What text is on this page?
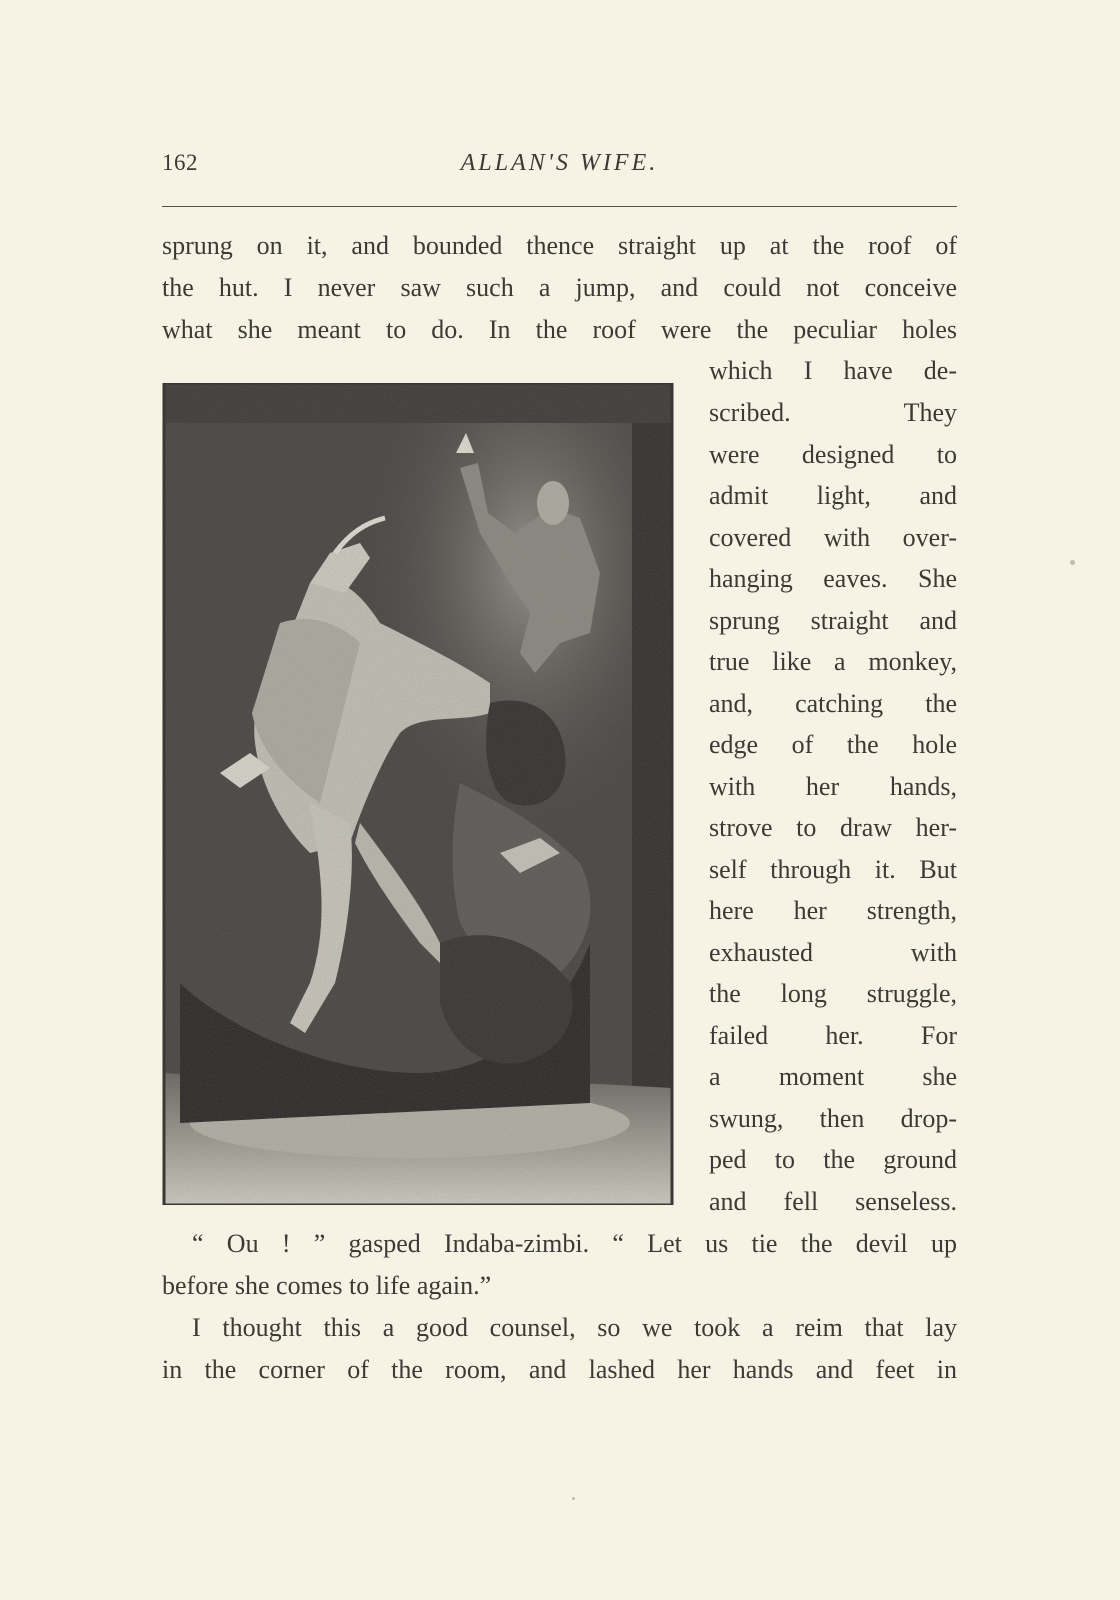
162	ALLAN'S WIFE.
sprung on it, and bounded thence straight up at the roof of
the hut. I never saw such a jump, and could not conceive
what she meant to do. In the roof were the peculiar holes
which I have de-
scribed. They
were designed to
admit light, and
covered with over-
hanging eaves. She
sprung straight and
true like a monkey,
and, catching the
edge of the hole
with her hands,
strove to draw her-
self through it. But
here her strength,
exhausted with
the long struggle,
failed her. For
a moment she
swung, then drop-
ped to the ground
and fell senseless.
“ Ou ! ” gasped Indaba-zimbi. “ Let us tie the devil up
before she comes to life again.”
I thought this a good counsel, so we took a reim that lay
in the corner of the room, and lashed her hands and feet in
